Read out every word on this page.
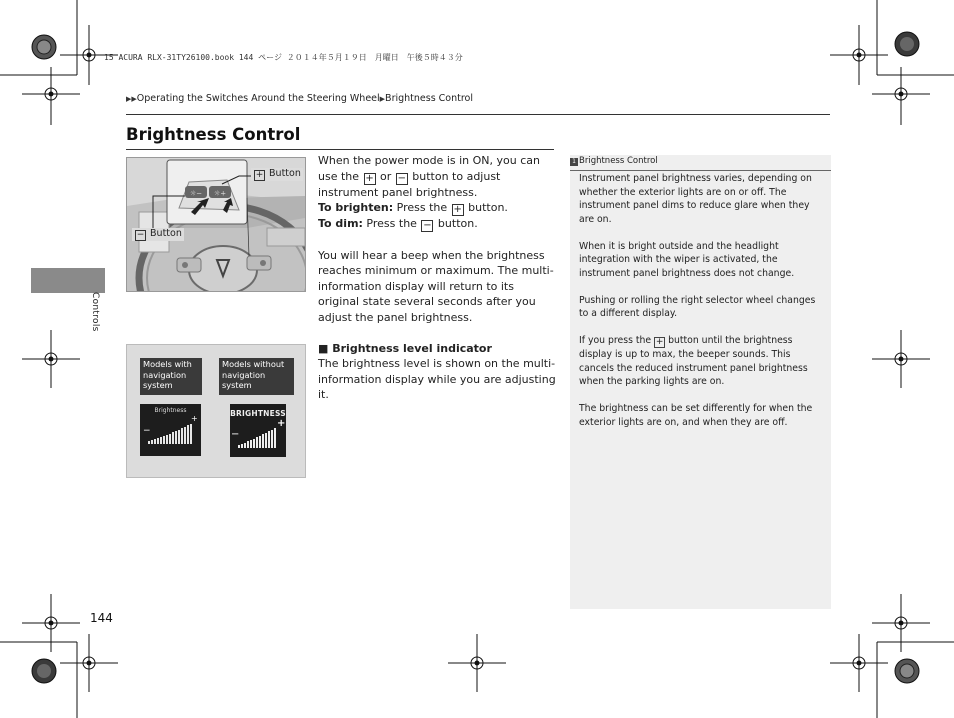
15 ACURA RLX-31TY26100.book 144 ページ ２０１４年５月１９日　月曜日　午後５時４３分
▶▶Operating the Switches Around the Steering Wheel▶Brightness Control
Brightness Control
Controls
☼− ☼+
+ Button
− Button
Models with navigation system
Models without navigation system
Brightness
−
+
BRIGHTNESS
−
+

When the power mode is in ON, you can use the + or − button to adjust instrument panel brightness.

To brighten: Press the + button.

To dim: Press the − button.

You will hear a beep when the brightness reaches minimum or maximum. The multi-information display will return to its original state several seconds after you adjust the panel brightness.

■ Brightness level indicator

The brightness level is shown on the multi-information display while you are adjusting it.

1 Brightness Control

Instrument panel brightness varies, depending on whether the exterior lights are on or off. The instrument panel dims to reduce glare when they are on.

When it is bright outside and the headlight integration with the wiper is activated, the instrument panel brightness does not change.

Pushing or rolling the right selector wheel changes to a different display.

If you press the + button until the brightness display is up to max, the beeper sounds. This cancels the reduced instrument panel brightness when the parking lights are on.

The brightness can be set differently for when the exterior lights are on, and when they are off.

144
